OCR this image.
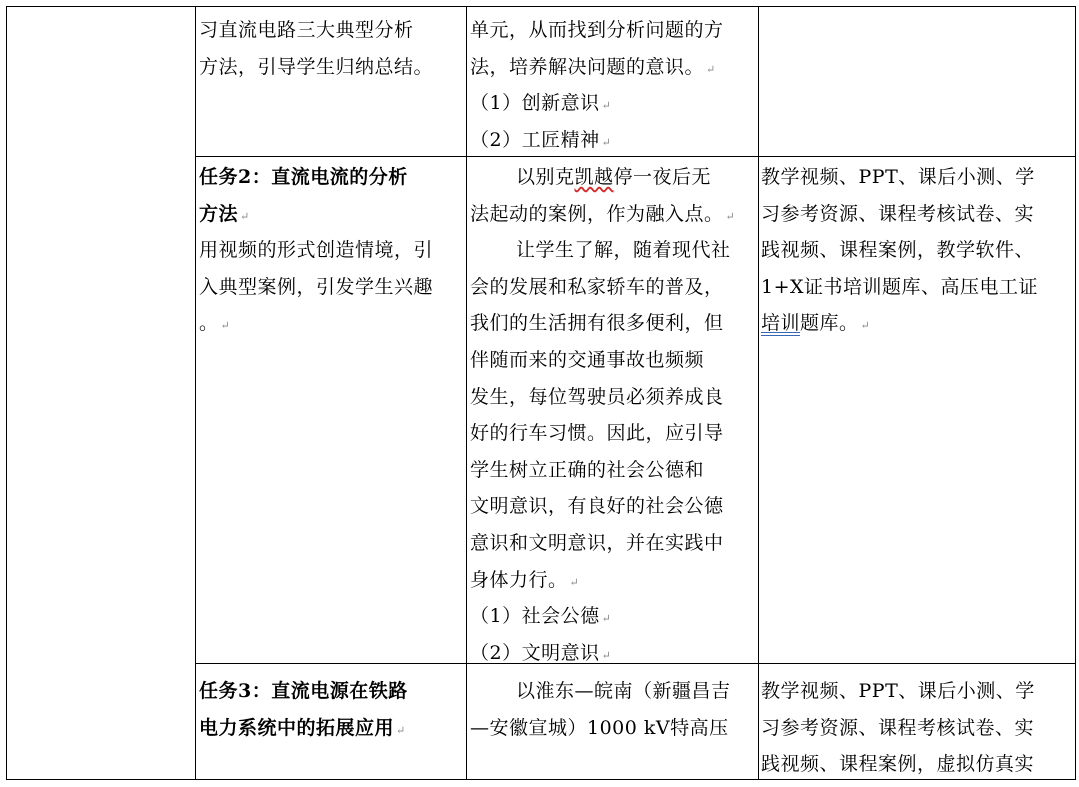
习直流电路三大典型分析
方法，引导学生归纳总结。
单元，从而找到分析问题的方
法，培养解决问题的意识。 ↵
（1）创新意识 ↵
（2）工匠精神 ↵
任务2：直流电流的分析
方法 ↵
用视频的形式创造情境，引
入典型案例，引发学生兴趣
。 ↵
以别克凯越停一夜后无
法起动的案例，作为融入点。 ↵
让学生了解，随着现代社
会的发展和私家轿车的普及，
我们的生活拥有很多便利，但
伴随而来的交通事故也频频
发生，每位驾驶员必须养成良
好的行车习惯。因此，应引导
学生树立正确的社会公德和
文明意识，有良好的社会公德
意识和文明意识，并在实践中
身体力行。 ↵
（1）社会公德 ↵
（2）文明意识 ↵
教学视频、PPT、课后小测、学
习参考资源、课程考核试卷、实
践视频、课程案例，教学软件、
1+X证书培训题库、高压电工证
培训题库。 ↵
任务3：直流电源在铁路
电力系统中的拓展应用 ↵
以淮东—皖南（新疆昌吉
—安徽宣城）1000 kV特高压
教学视频、PPT、课后小测、学
习参考资源、课程考核试卷、实
践视频、课程案例，虚拟仿真实
